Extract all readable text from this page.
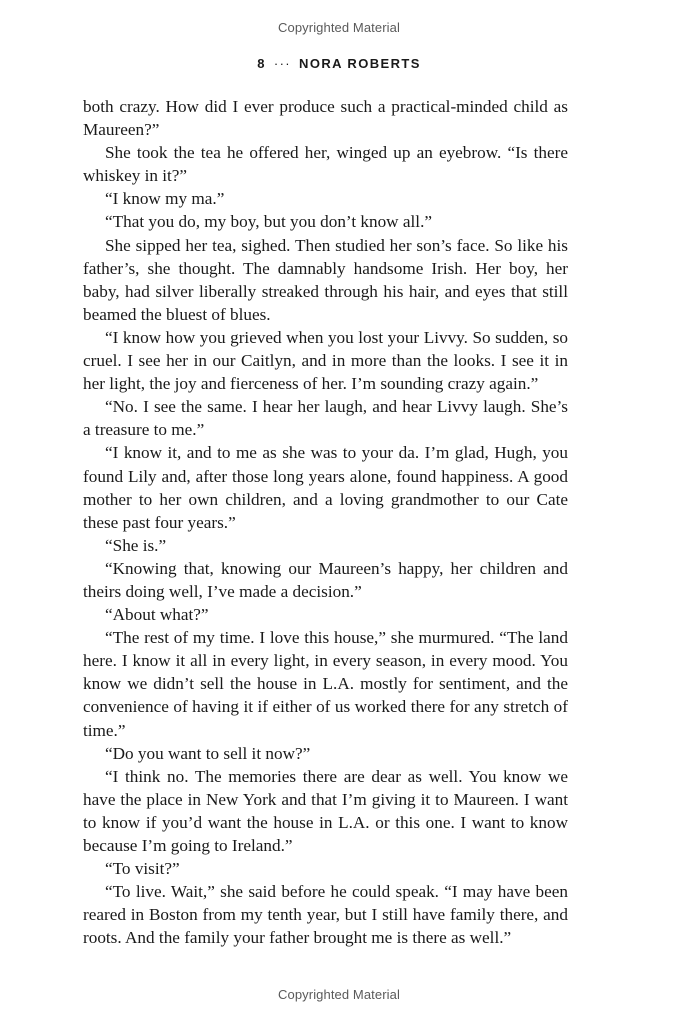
Copyrighted Material
8 ··· NORA ROBERTS

both crazy. How did I ever produce such a practical-minded child as Maureen?”

She took the tea he offered her, winged up an eyebrow. “Is there whiskey in it?”

“I know my ma.”

“That you do, my boy, but you don’t know all.”

She sipped her tea, sighed. Then studied her son’s face. So like his father’s, she thought. The damnably handsome Irish. Her boy, her baby, had silver liberally streaked through his hair, and eyes that still beamed the bluest of blues.

“I know how you grieved when you lost your Livvy. So sudden, so cruel. I see her in our Caitlyn, and in more than the looks. I see it in her light, the joy and fierceness of her. I’m sounding crazy again.”

“No. I see the same. I hear her laugh, and hear Livvy laugh. She’s a treasure to me.”

“I know it, and to me as she was to your da. I’m glad, Hugh, you found Lily and, after those long years alone, found happiness. A good mother to her own children, and a loving grandmother to our Cate these past four years.”

“She is.”

“Knowing that, knowing our Maureen’s happy, her children and theirs doing well, I’ve made a decision.”

“About what?”

“The rest of my time. I love this house,” she murmured. “The land here. I know it all in every light, in every season, in every mood. You know we didn’t sell the house in L.A. mostly for sentiment, and the convenience of having it if either of us worked there for any stretch of time.”

“Do you want to sell it now?”

“I think no. The memories there are dear as well. You know we have the place in New York and that I’m giving it to Maureen. I want to know if you’d want the house in L.A. or this one. I want to know because I’m going to Ireland.”

“To visit?”

“To live. Wait,” she said before he could speak. “I may have been reared in Boston from my tenth year, but I still have family there, and roots. And the family your father brought me is there as well.”

Copyrighted Material
